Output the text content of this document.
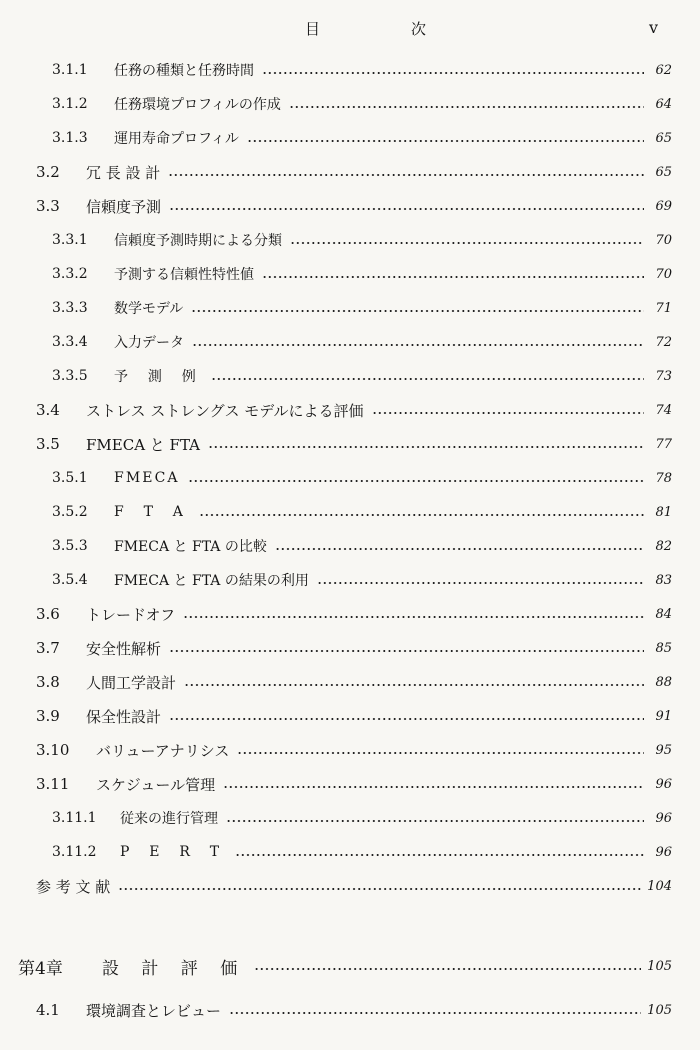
目　次	v
3.1.1	任務の種類と任務時間	62
3.1.2	任務環境プロフィルの作成	64
3.1.3	運用寿命プロフィル	65
3.2	冗 長 設 計	65
3.3	信頼度予測	69
3.3.1	信頼度予測時期による分類	70
3.3.2	予測する信頼性特性値	70
3.3.3	数学モデル	71
3.3.4	入力データ	72
3.3.5	予 測 例	73
3.4	ストレス ストレングス モデルによる評価	74
3.5	FMECA と FTA	77
3.5.1	FMECA	78
3.5.2	F T A	81
3.5.3	FMECA と FTA の比較	82
3.5.4	FMECA と FTA の結果の利用	83
3.6	トレードオフ	84
3.7	安全性解析	85
3.8	人間工学設計	88
3.9	保全性設計	91
3.10	バリューアナリシス	95
3.11	スケジュール管理	96
3.11.1	従来の進行管理	96
3.11.2	P E R T	96
参 考 文 献	104
第4章	設 計 評 価	105
4.1	環境調査とレビュー	105
